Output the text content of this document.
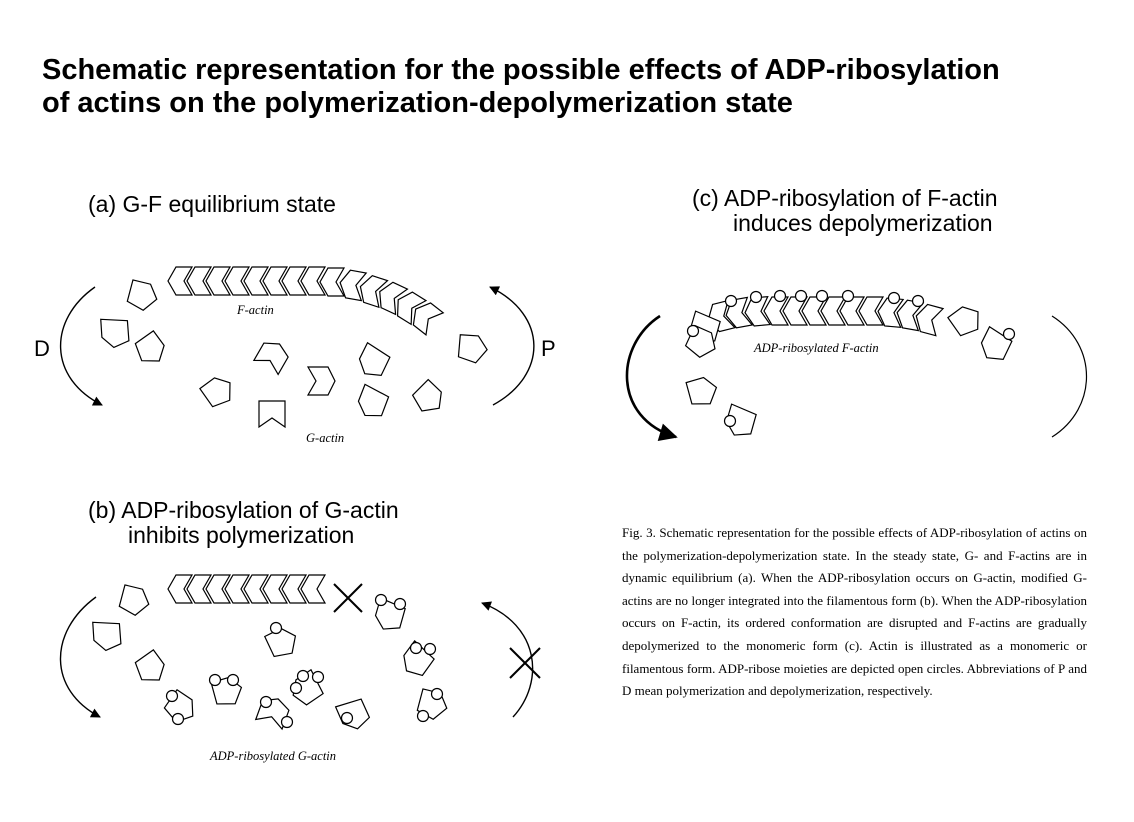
Schematic representation for the possible effects of ADP-ribosylation
of actins on the polymerization-depolymerization state
(a) G-F equilibrium state
F-actin
G-actin
D	P
(b) ADP-ribosylation of G-actin
inhibits polymerization
ADP-ribosylated G-actin
(c) ADP-ribosylation of F-actin
induces depolymerization
ADP-ribosylated F-actin

Fig. 3. Schematic representation for the possible effects of ADP-ribosylation of actins on the polymerization-depolymerization state. In the steady state, G- and F-actins are in dynamic equilibrium (a). When the ADP-ribosylation occurs on G-actin, modified G-actins are no longer integrated into the filamentous form (b). When the ADP-ribosylation occurs on F-actin, its ordered conformation are disrupted and F-actins are gradually depolymerized to the monomeric form (c). Actin is illustrated as a monomeric or filamentous form. ADP-ribose moieties are depicted open circles. Abbreviations of P and D mean polymerization and depolymerization, respectively.
